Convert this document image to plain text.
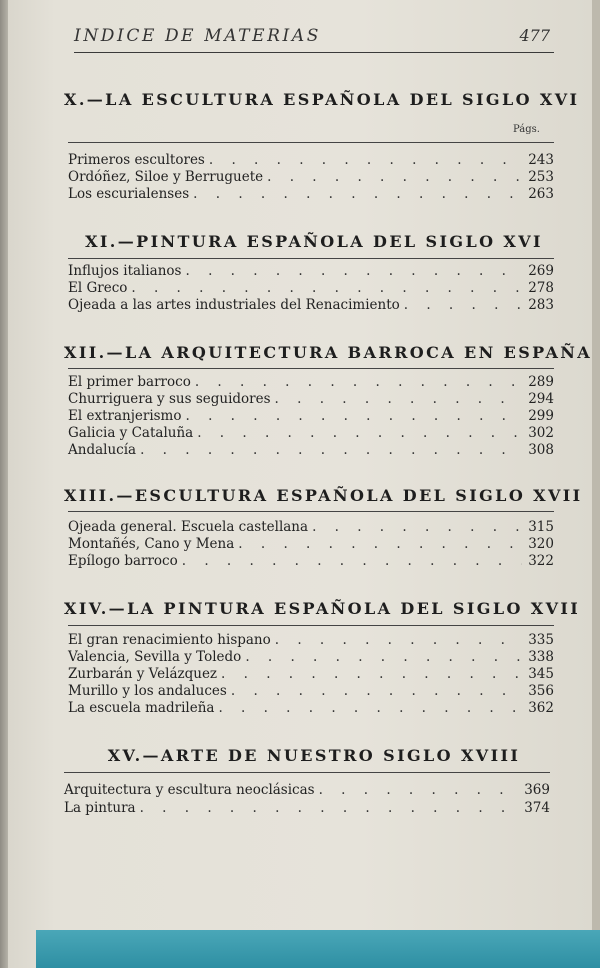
INDICE DE MATERIAS	477
X.—LA ESCULTURA ESPAÑOLA DEL SIGLO XVI
Págs.
Primeros escultores . . .	243
Ordóñez, Siloe y Berruguete . . .	253
Los escurialenses . . .	263
XI.—PINTURA ESPAÑOLA DEL SIGLO XVI
Influjos italianos . . .	269
El Greco . . .	278
Ojeada a las artes industriales del Renacimiento . . .	283
XII.—LA ARQUITECTURA BARROCA EN ESPAÑA
El primer barroco . . .	289
Churriguera y sus seguidores . . .	294
El extranjerismo . . .	299
Galicia y Cataluña . . .	302
Andalucía . . .	308
XIII.—ESCULTURA ESPAÑOLA DEL SIGLO XVII
Ojeada general. Escuela castellana . . .	315
Montañés, Cano y Mena . . .	320
Epílogo barroco . . .	322
XIV.—LA PINTURA ESPAÑOLA DEL SIGLO XVII
El gran renacimiento hispano . . .	335
Valencia, Sevilla y Toledo . . .	338
Zurbarán y Velázquez . . .	345
Murillo y los andaluces . . .	356
La escuela madrileña . . .	362
XV.—ARTE DE NUESTRO SIGLO XVIII
Arquitectura y escultura neoclásicas . . .	369
La pintura . . .	374
